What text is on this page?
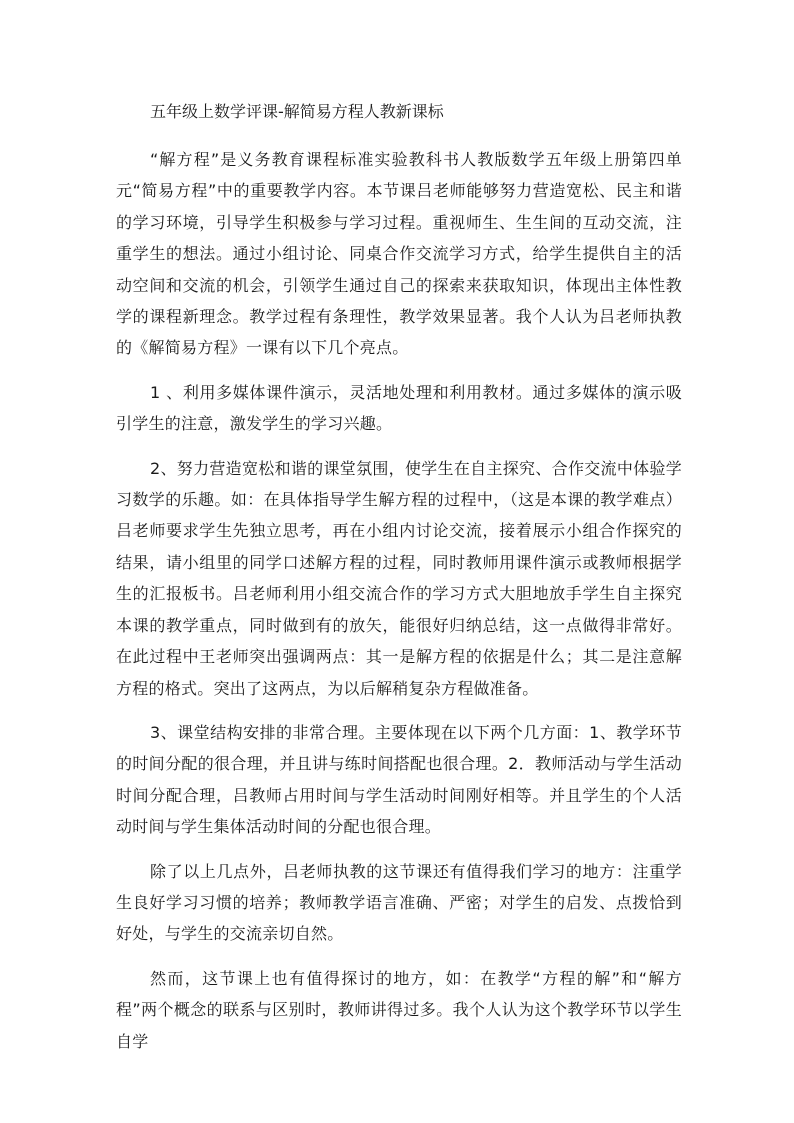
五年级上数学评课-解简易方程人教新课标

“解方程”是义务教育课程标准实验教科书人教版数学五年级上册第四单元“简易方程”中的重要教学内容。本节课吕老师能够努力营造宽松、民主和谐的学习环境，引导学生积极参与学习过程。重视师生、生生间的互动交流，注重学生的想法。通过小组讨论、同桌合作交流学习方式，给学生提供自主的活动空间和交流的机会，引领学生通过自己的探索来获取知识，体现出主体性教学的课程新理念。教学过程有条理性，教学效果显著。我个人认为吕老师执教的《解简易方程》一课有以下几个亮点。

1 、利用多媒体课件演示，灵活地处理和利用教材。通过多媒体的演示吸引学生的注意，激发学生的学习兴趣。

2、努力营造宽松和谐的课堂氛围，使学生在自主探究、合作交流中体验学习数学的乐趣。如：在具体指导学生解方程的过程中，（这是本课的教学难点）吕老师要求学生先独立思考，再在小组内讨论交流，接着展示小组合作探究的结果，请小组里的同学口述解方程的过程，同时教师用课件演示或教师根据学生的汇报板书。吕老师利用小组交流合作的学习方式大胆地放手学生自主探究本课的教学重点，同时做到有的放矢，能很好归纳总结，这一点做得非常好。在此过程中王老师突出强调两点：其一是解方程的依据是什么；其二是注意解方程的格式。突出了这两点，为以后解稍复杂方程做准备。

3、课堂结构安排的非常合理。主要体现在以下两个几方面：1、教学环节的时间分配的很合理，并且讲与练时间搭配也很合理。2．教师活动与学生活动时间分配合理，吕教师占用时间与学生活动时间刚好相等。并且学生的个人活动时间与学生集体活动时间的分配也很合理。

除了以上几点外，吕老师执教的这节课还有值得我们学习的地方：注重学生良好学习习惯的培养；教师教学语言准确、严密；对学生的启发、点拨恰到好处，与学生的交流亲切自然。

然而，这节课上也有值得探讨的地方，如：在教学“方程的解”和“解方程”两个概念的联系与区别时，教师讲得过多。我个人认为这个教学环节以学生自学
